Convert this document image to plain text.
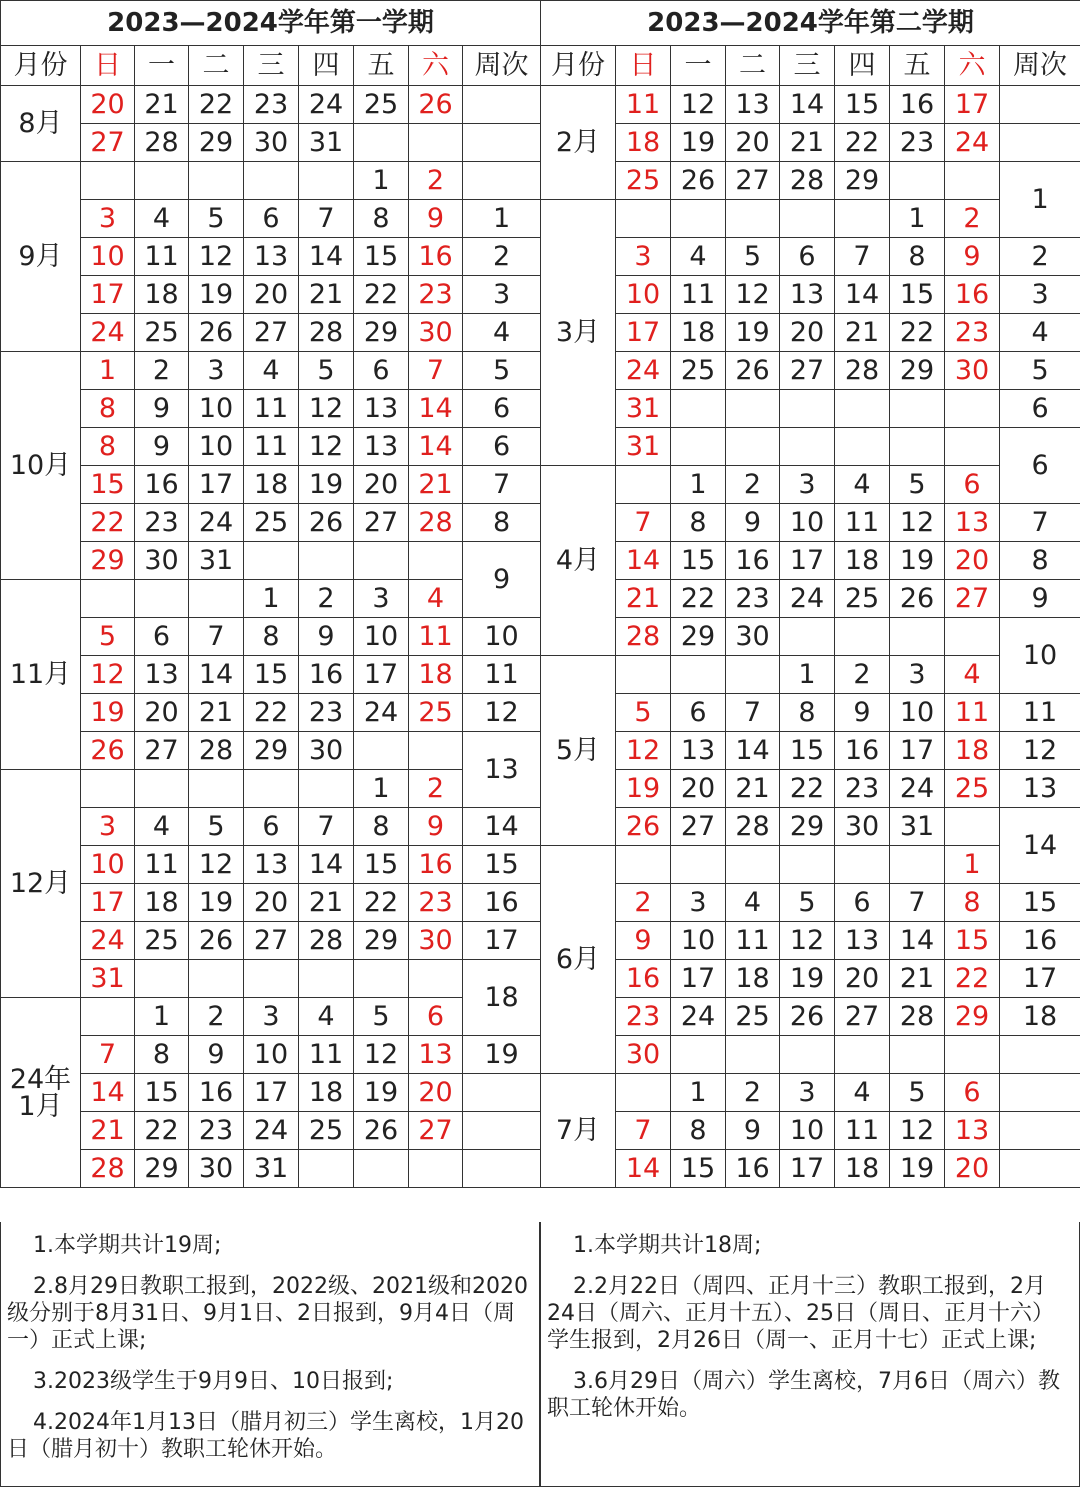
2023—2024学年第一学期								
月份	日	一	二	三	四	五	六	周次
8月	20	21	22	23	24	25	26	
	27	28	29	30	31			
9月						1	2	
	3	4	5	6	7	8	9	1
	10	11	12	13	14	15	16	2
	17	18	19	20	21	22	23	3
	24	25	26	27	28	29	30	4
10月	1	2	3	4	5	6	7	5
	8	9	10	11	12	13	14	6
	8	9	10	11	12	13	14	6
	15	16	17	18	19	20	21	7
	22	23	24	25	26	27	28	8
	29	30	31					9
11月				1	2	3	4	
	5	6	7	8	9	10	11	10
	12	13	14	15	16	17	18	11
	19	20	21	22	23	24	25	12
	26	27	28	29	30			13
12月						1	2	
	3	4	5	6	7	8	9	14
	10	11	12	13	14	15	16	15
	17	18	19	20	21	22	23	16
	24	25	26	27	28	29	30	17
	31							18
24年
1月		1	2	3	4	5	6	
	7	8	9	10	11	12	13	19
	14	15	16	17	18	19	20	
	21	22	23	24	25	26	27	
	28	29	30	31				

1.本学期共计19周;

2.8月29日教职工报到，2022级、2021级和2020级分别于8月31日、9月1日、2日报到，9月4日（周一）正式上课;

3.2023级学生于9月9日、10日报到;

4.2024年1月13日（腊月初三）学生离校，1月20日（腊月初十）教职工轮休开始。

2023—2024学年第二学期								
月份	日	一	二	三	四	五	六	周次
2月	11	12	13	14	15	16	17	
	18	19	20	21	22	23	24	
	25	26	27	28	29			1
3月						1	2	
	3	4	5	6	7	8	9	2
	10	11	12	13	14	15	16	3
	17	18	19	20	21	22	23	4
	24	25	26	27	28	29	30	5
	31							6
	31							6
4月		1	2	3	4	5	6	
	7	8	9	10	11	12	13	7
	14	15	16	17	18	19	20	8
	21	22	23	24	25	26	27	9
	28	29	30					10
5月				1	2	3	4	
	5	6	7	8	9	10	11	11
	12	13	14	15	16	17	18	12
	19	20	21	22	23	24	25	13
	26	27	28	29	30	31		14
6月							1	
	2	3	4	5	6	7	8	15
	9	10	11	12	13	14	15	16
	16	17	18	19	20	21	22	17
	23	24	25	26	27	28	29	18
	30							
7月		1	2	3	4	5	6	
	7	8	9	10	11	12	13	
	14	15	16	17	18	19	20	

1.本学期共计18周;

2.2月22日（周四、正月十三）教职工报到，2月24日（周六、正月十五）、25日（周日、正月十六）学生报到，2月26日（周一、正月十七）正式上课;

3.6月29日（周六）学生离校，7月6日（周六）教职工轮休开始。
